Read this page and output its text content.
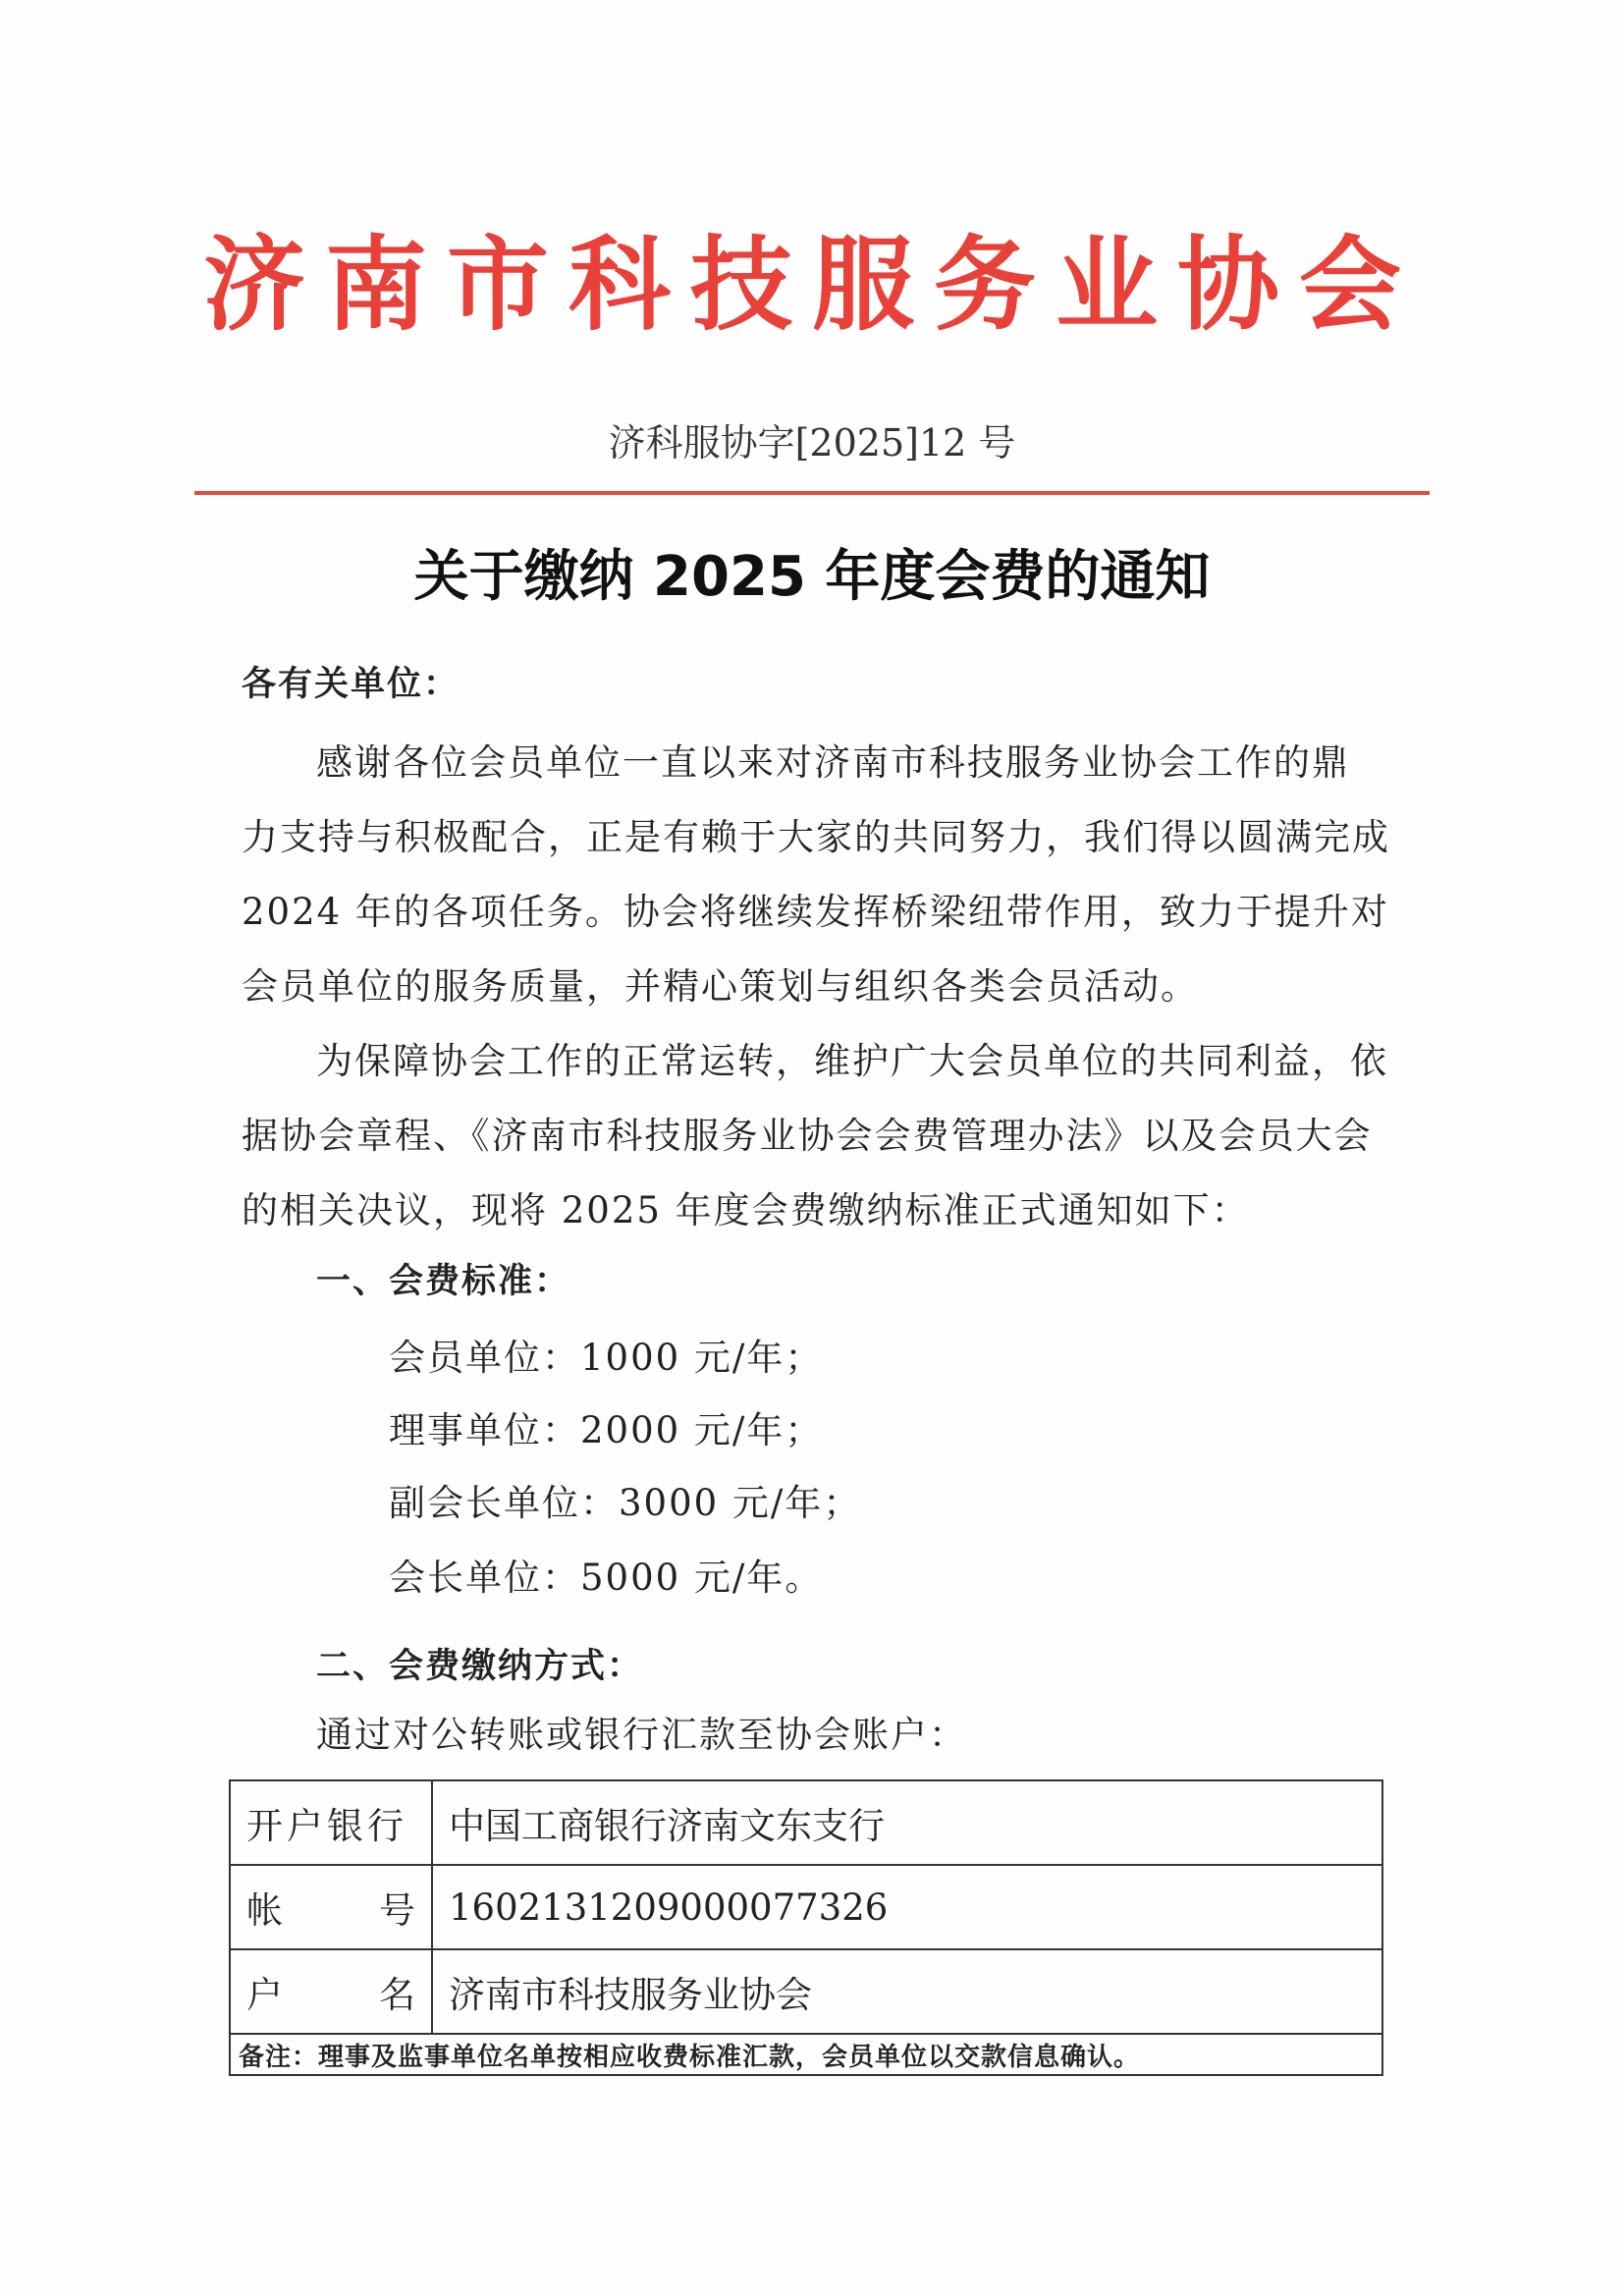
济南市科技服务业协会
济科服协字[2025]12 号
关于缴纳 2025 年度会费的通知
各有关单位：
感谢各位会员单位一直以来对济南市科技服务业协会工作的鼎
力支持与积极配合，正是有赖于大家的共同努力，我们得以圆满完成
2024 年的各项任务。协会将继续发挥桥梁纽带作用，致力于提升对
会员单位的服务质量，并精心策划与组织各类会员活动。
为保障协会工作的正常运转，维护广大会员单位的共同利益，依
据协会章程、《济南市科技服务业协会会费管理办法》以及会员大会
的相关决议，现将 2025 年度会费缴纳标准正式通知如下：
一、会费标准：
会员单位：1000 元/年；
理事单位：2000 元/年；
副会长单位：3000 元/年；
会长单位：5000 元/年。
二、会费缴纳方式：
通过对公转账或银行汇款至协会账户：
开户银行	中国工商银行济南文东支行
帐号	1602131209000077326
户名	济南市科技服务业协会
备注：理事及监事单位名单按相应收费标准汇款，会员单位以交款信息确认。	
